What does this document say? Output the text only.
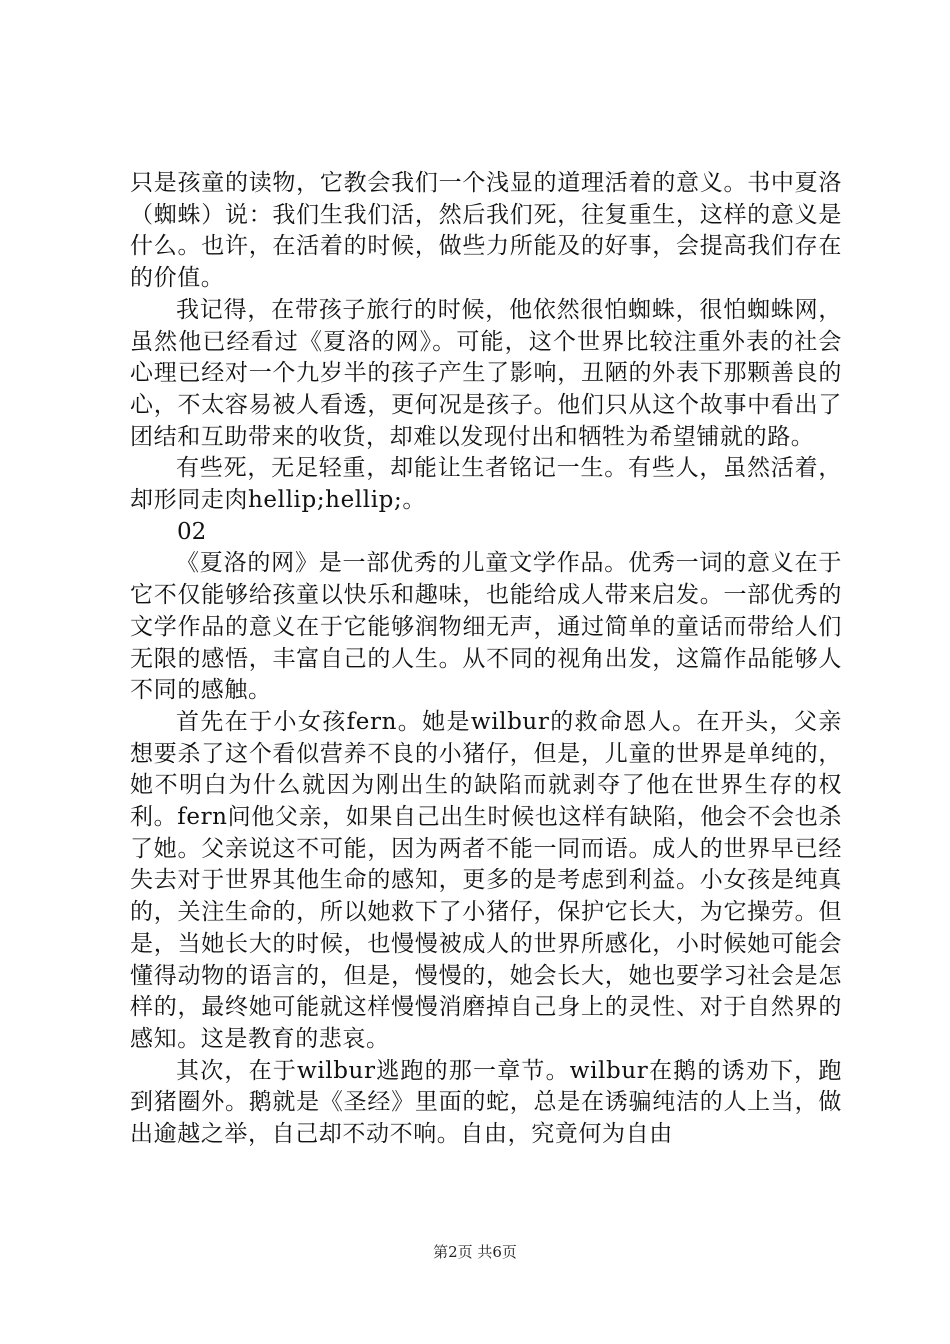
只是孩童的读物，它教会我们一个浅显的道理活着的意义。书中夏洛（蜘蛛）说：我们生我们活，然后我们死，往复重生，这样的意义是什么。也许，在活着的时候，做些力所能及的好事，会提高我们存在的价值。

我记得，在带孩子旅行的时候，他依然很怕蜘蛛，很怕蜘蛛网，虽然他已经看过《夏洛的网》。可能，这个世界比较注重外表的社会心理已经对一个九岁半的孩子产生了影响，丑陋的外表下那颗善良的心，不太容易被人看透，更何况是孩子。他们只从这个故事中看出了团结和互助带来的收货，却难以发现付出和牺牲为希望铺就的路。

有些死，无足轻重，却能让生者铭记一生。有些人，虽然活着，却形同走肉hellip;hellip;。

02

《夏洛的网》是一部优秀的儿童文学作品。优秀一词的意义在于它不仅能够给孩童以快乐和趣味，也能给成人带来启发。一部优秀的文学作品的意义在于它能够润物细无声，通过简单的童话而带给人们无限的感悟，丰富自己的人生。从不同的视角出发，这篇作品能够人不同的感触。

首先在于小女孩fern。她是wilbur的救命恩人。在开头，父亲想要杀了这个看似营养不良的小猪仔，但是，儿童的世界是单纯的，她不明白为什么就因为刚出生的缺陷而就剥夺了他在世界生存的权利。fern问他父亲，如果自己出生时候也这样有缺陷，他会不会也杀了她。父亲说这不可能，因为两者不能一同而语。成人的世界早已经失去对于世界其他生命的感知，更多的是考虑到利益。小女孩是纯真的，关注生命的，所以她救下了小猪仔，保护它长大，为它操劳。但是，当她长大的时候，也慢慢被成人的世界所感化，小时候她可能会懂得动物的语言的，但是，慢慢的，她会长大，她也要学习社会是怎样的，最终她可能就这样慢慢消磨掉自己身上的灵性、对于自然界的感知。这是教育的悲哀。

其次，在于wilbur逃跑的那一章节。wilbur在鹅的诱劝下，跑到猪圈外。鹅就是《圣经》里面的蛇，总是在诱骗纯洁的人上当，做出逾越之举，自己却不动不响。自由，究竟何为自由

第2页 共6页
